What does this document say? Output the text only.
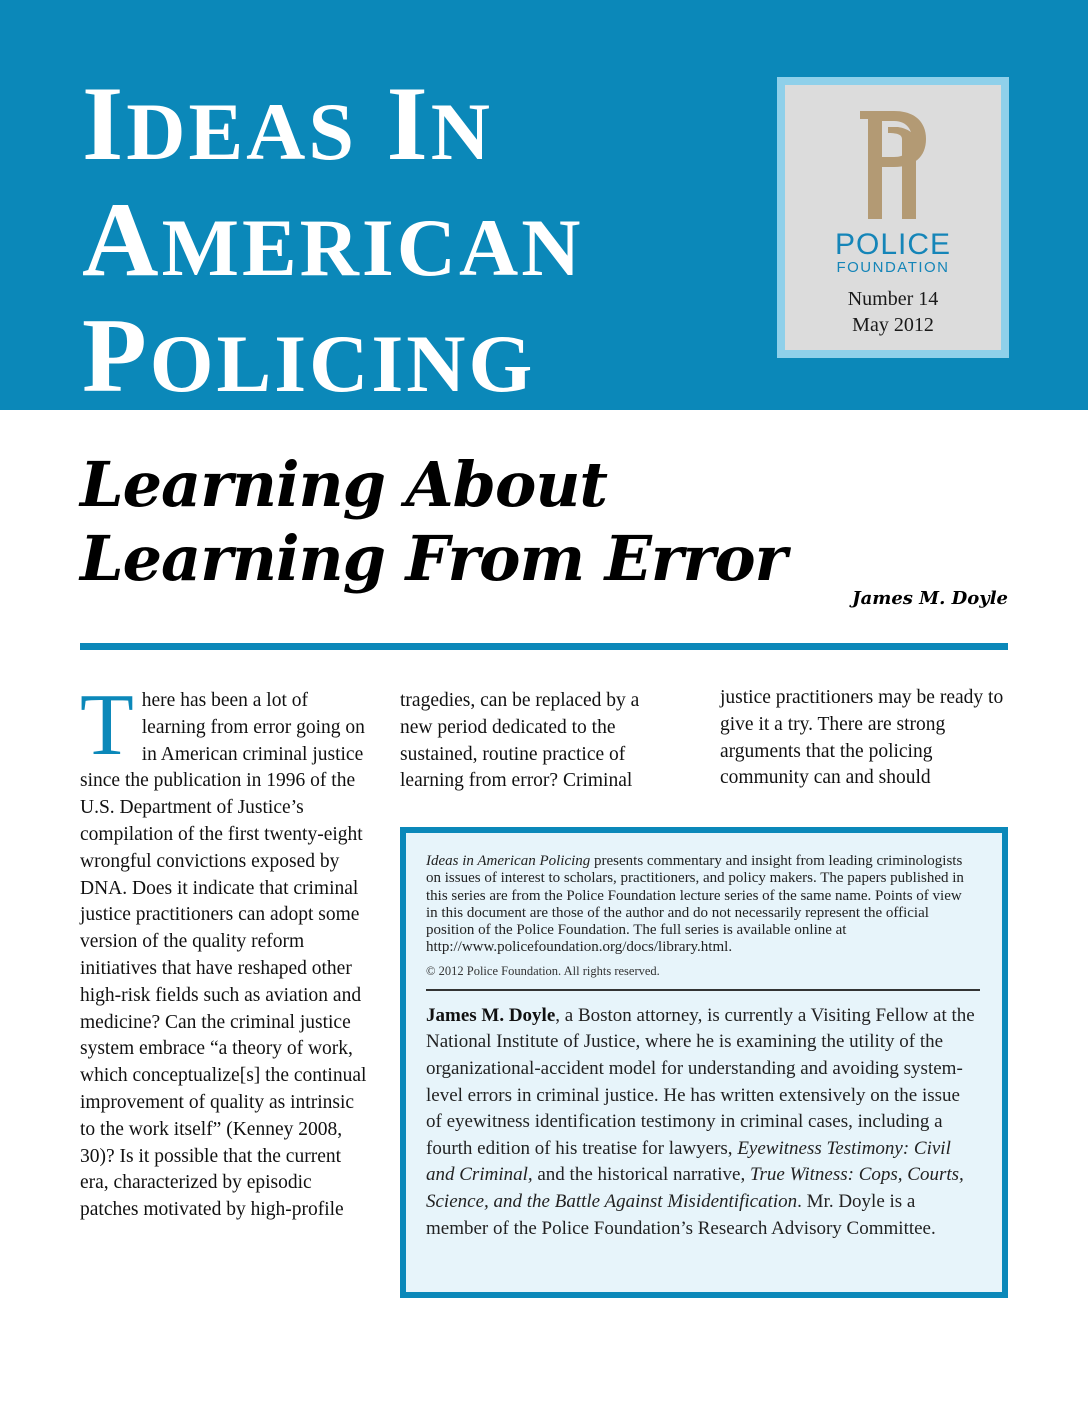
IDEAS IN
AMERICAN
POLICING
POLICE
FOUNDATION
Number 14
May 2012
Learning About
Learning From Error
James M. Doyle

There has been a lot of learning from error going on in American criminal justice since the publication in 1996 of the U.S. Department of Justice’s compilation of the first twenty-eight wrongful convictions exposed by DNA. Does it indicate that criminal justice practitioners can adopt some version of the quality reform initiatives that have reshaped other high-risk fields such as aviation and medicine? Can the criminal justice system embrace “a theory of work, which conceptualize[s] the continual improvement of quality as intrinsic to the work itself” (Kenney 2008, 30)? Is it possible that the current era, characterized by episodic patches motivated by high-profile

tragedies, can be replaced by a new period dedicated to the sustained, routine practice of learning from error? Criminal

justice practitioners may be ready to give it a try. There are strong arguments that the policing community can and should

Ideas in American Policing presents commentary and insight from leading criminologists on issues of interest to scholars, practitioners, and policy makers. The papers published in this series are from the Police Foundation lecture series of the same name. Points of view in this document are those of the author and do not necessarily represent the official position of the Police Foundation. The full series is available online at http://www.policefoundation.org/docs/library.html.

© 2012 Police Foundation. All rights reserved.

James M. Doyle, a Boston attorney, is currently a Visiting Fellow at the National Institute of Justice, where he is examining the utility of the organizational-accident model for understanding and avoiding system-level errors in criminal justice. He has written extensively on the issue of eyewitness identification testimony in criminal cases, including a fourth edition of his treatise for lawyers, Eyewitness Testimony: Civil and Criminal, and the historical narrative, True Witness: Cops, Courts, Science, and the Battle Against Misidentification. Mr. Doyle is a member of the Police Foundation’s Research Advisory Committee.
